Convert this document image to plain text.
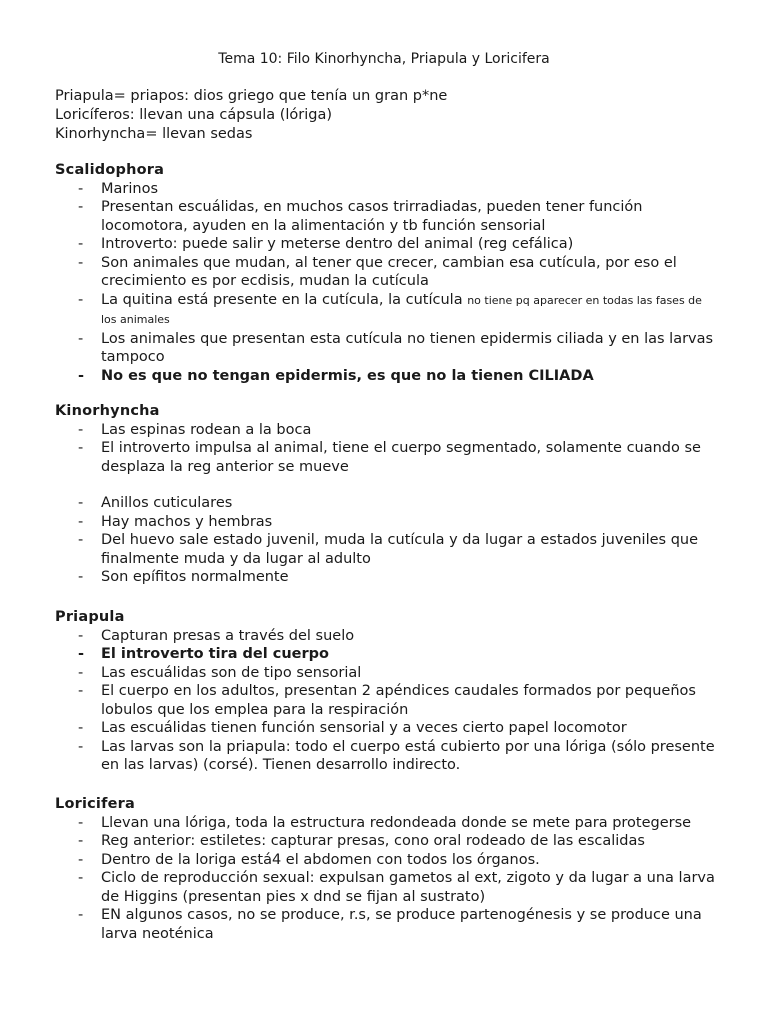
Tema 10: Filo Kinorhyncha, Priapula y Loricifera
Priapula= priapos: dios griego que tenía un gran p*ne
Loricíferos: llevan una cápsula (lóriga)
Kinorhyncha= llevan sedas
Scalidophora
- Marinos
- Presentan escuálidas, en muchos casos trirradiadas, pueden tener función locomotora, ayuden en la alimentación y tb función sensorial
- Introverto: puede salir y meterse dentro del animal (reg cefálica)
- Son animales que mudan, al tener que crecer, cambian esa cutícula, por eso el crecimiento es por ecdisis, mudan la cutícula
- La quitina está presente en la cutícula, la cutícula no tiene pq aparecer en todas las fases de los animales
- Los animales que presentan esta cutícula no tienen epidermis ciliada y en las larvas tampoco
- No es que no tengan epidermis, es que no la tienen CILIADA
Kinorhyncha
- Las espinas rodean a la boca
- El introverto impulsa al animal, tiene el cuerpo segmentado, solamente cuando se desplaza la reg anterior se mueve
- Anillos cuticulares
- Hay machos y hembras
- Del huevo sale estado juvenil, muda la cutícula y da lugar a estados juveniles que finalmente muda y da lugar al adulto
- Son epífitos normalmente
Priapula
- Capturan presas a través del suelo
- El introverto tira del cuerpo
- Las escuálidas son de tipo sensorial
- El cuerpo en los adultos, presentan 2 apéndices caudales formados por pequeños lobulos que los emplea para la respiración
- Las escuálidas tienen función sensorial y a veces cierto papel locomotor
- Las larvas son la priapula: todo el cuerpo está cubierto por una lóriga (sólo presente en las larvas) (corsé). Tienen desarrollo indirecto.
Loricifera
- Llevan una lóriga, toda la estructura redondeada donde se mete para protegerse
- Reg anterior: estiletes: capturar presas, cono oral rodeado de las escalidas
- Dentro de la loriga está4 el abdomen con todos los órganos.
- Ciclo de reproducción sexual: expulsan gametos al ext, zigoto y da lugar a una larva de Higgins (presentan pies x dnd se fijan al sustrato)
- EN algunos casos, no se produce, r.s, se produce partenogénesis y se produce una larva neoténica
